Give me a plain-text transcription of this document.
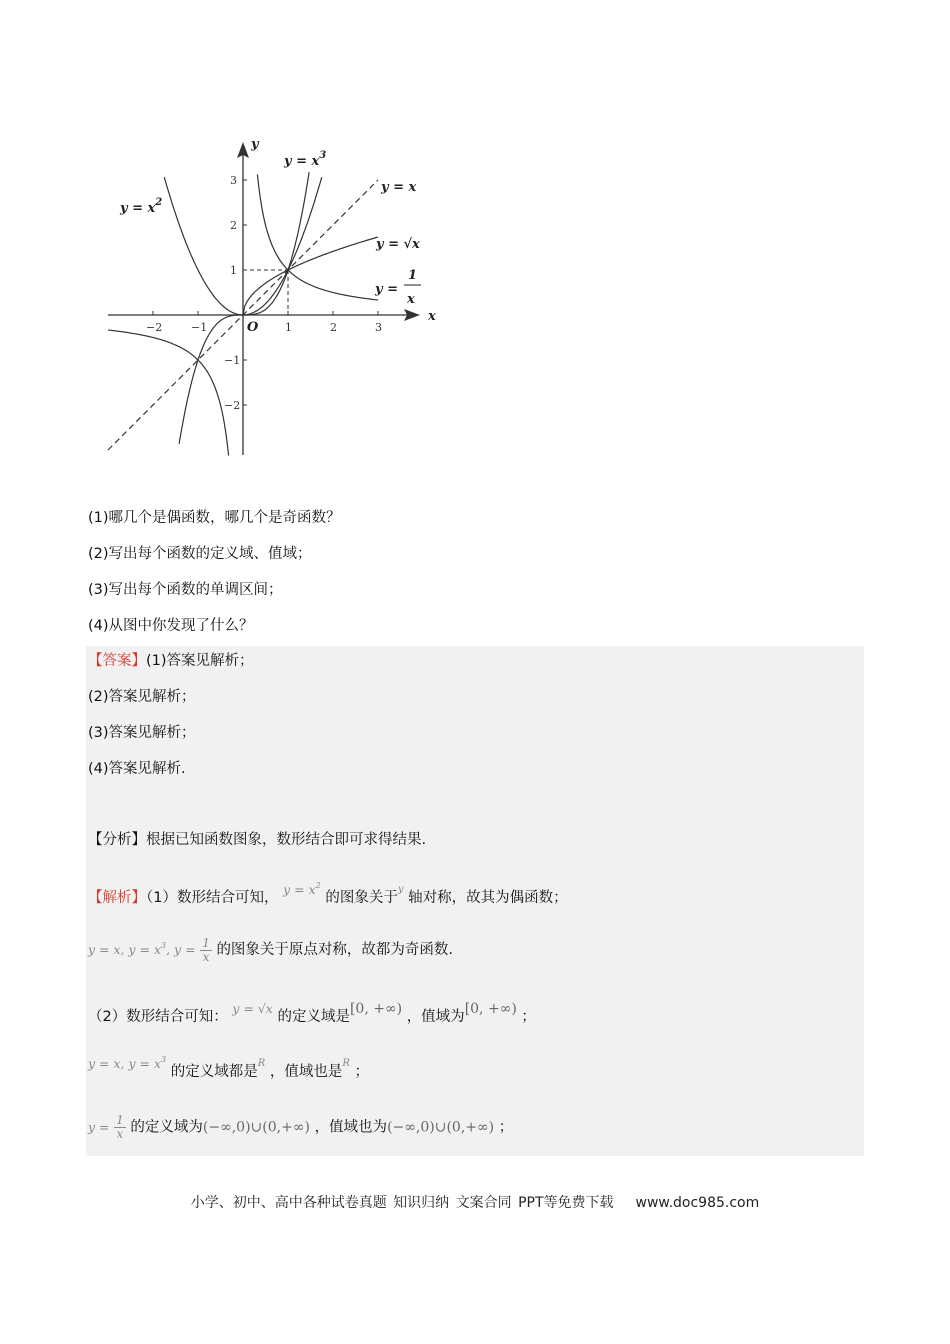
−2	−1	1	2	3
3
2
1
−1
−2
O
x
y
$y = x^2$
$y = x^3$
y = x
y = √x
y =
1
x
(1)哪几个是偶函数，哪几个是奇函数？
(2)写出每个函数的定义域、值域；
(3)写出每个函数的单调区间；
(4)从图中你发现了什么？
【答案】(1)答案见解析；
(2)答案见解析；
(3)答案见解析；
(4)答案见解析.
【分析】根据已知函数图象，数形结合即可求得结果.
【解析】（1）数形结合可知， $y = x^2$ 的图象关于$^y$ 轴对称，故其为偶函数；
y = x, $y = x^3$, $y = \frac{1}{x}$ 的图象关于原点对称，故都为奇函数.
（2）数形结合可知： y = √x 的定义域是[0, +∞) ，值域为[0, +∞) ；
y = x, $y = x^3$ 的定义域都是$^R$ ，值域也是$^R$ ；
$y = \frac{1}{x}$ 的定义域为(−∞,0)∪(0,+∞) ，值域也为(−∞,0)∪(0,+∞) ；
小学、初中、高中各种试卷真题 知识归纳 文案合同 PPT等免费下载 www.doc985.com
